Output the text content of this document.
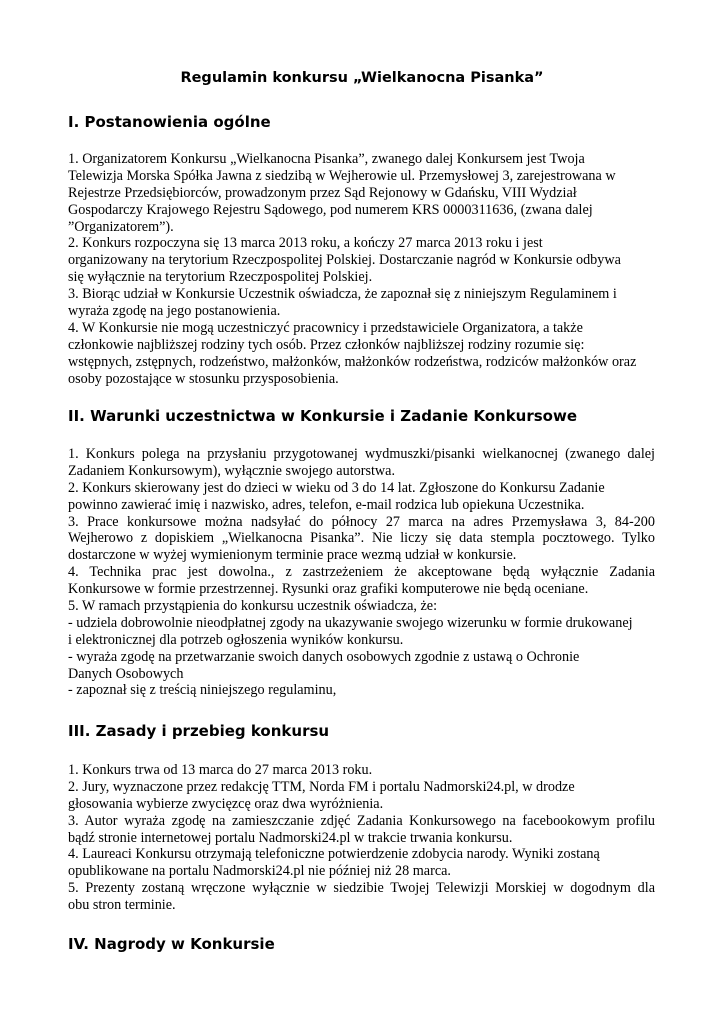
Regulamin konkursu „Wielkanocna Pisanka”
I. Postanowienia ogólne
1. Organizatorem Konkursu „Wielkanocna Pisanka”, zwanego dalej Konkursem jest Twoja
Telewizja Morska Spółka Jawna z siedzibą w Wejherowie ul. Przemysłowej 3, zarejestrowana w
Rejestrze Przedsiębiorców, prowadzonym przez Sąd Rejonowy w Gdańsku, VIII Wydział
Gospodarczy Krajowego Rejestru Sądowego, pod numerem KRS 0000311636, (zwana dalej
”Organizatorem”).
2. Konkurs rozpoczyna się 13 marca 2013 roku, a kończy 27 marca 2013 roku i jest
organizowany na terytorium Rzeczpospolitej Polskiej. Dostarczanie nagród w Konkursie odbywa
się wyłącznie na terytorium Rzeczpospolitej Polskiej.
3. Biorąc udział w Konkursie Uczestnik oświadcza, że zapoznał się z niniejszym Regulaminem i
wyraża zgodę na jego postanowienia.
4. W Konkursie nie mogą uczestniczyć pracownicy i przedstawiciele Organizatora, a także
członkowie najbliższej rodziny tych osób. Przez członków najbliższej rodziny rozumie się:
wstępnych, zstępnych, rodzeństwo, małżonków, małżonków rodzeństwa, rodziców małżonków oraz
osoby pozostające w stosunku przysposobienia.
II. Warunki uczestnictwa w Konkursie i Zadanie Konkursowe
1. Konkurs polega na przysłaniu przygotowanej wydmuszki/pisanki wielkanocnej (zwanego dalej
Zadaniem Konkursowym), wyłącznie swojego autorstwa.
2. Konkurs skierowany jest do dzieci w wieku od 3 do 14 lat. Zgłoszone do Konkursu Zadanie
powinno zawierać imię i nazwisko, adres, telefon, e-mail rodzica lub opiekuna Uczestnika.
3. Prace konkursowe można nadsyłać do północy 27 marca na adres Przemysława 3, 84-200
Wejherowo z dopiskiem „Wielkanocna Pisanka”. Nie liczy się data stempla pocztowego. Tylko
dostarczone w wyżej wymienionym terminie prace wezmą udział w konkursie.
4. Technika prac jest dowolna., z zastrzeżeniem że akceptowane będą wyłącznie Zadania
Konkursowe w formie przestrzennej. Rysunki oraz grafiki komputerowe nie będą oceniane.
5. W ramach przystąpienia do konkursu uczestnik oświadcza, że:
- udziela dobrowolnie nieodpłatnej zgody na ukazywanie swojego wizerunku w formie drukowanej
i elektronicznej dla potrzeb ogłoszenia wyników konkursu.
- wyraża zgodę na przetwarzanie swoich danych osobowych zgodnie z ustawą o Ochronie
Danych Osobowych
- zapoznał się z treścią niniejszego regulaminu,
III. Zasady i przebieg konkursu
1. Konkurs trwa od 13 marca do 27 marca 2013 roku.
2. Jury, wyznaczone przez redakcję TTM, Norda FM i portalu Nadmorski24.pl, w drodze
głosowania wybierze zwycięzcę oraz dwa wyróżnienia.
3. Autor wyraża zgodę na zamieszczanie zdjęć Zadania Konkursowego na facebookowym profilu
bądź stronie internetowej portalu Nadmorski24.pl w trakcie trwania konkursu.
4. Laureaci Konkursu otrzymają telefoniczne potwierdzenie zdobycia narody. Wyniki zostaną
opublikowane na portalu Nadmorski24.pl nie później niż 28 marca.
5. Prezenty zostaną wręczone wyłącznie w siedzibie Twojej Telewizji Morskiej w dogodnym dla
obu stron terminie.
IV. Nagrody w Konkursie
